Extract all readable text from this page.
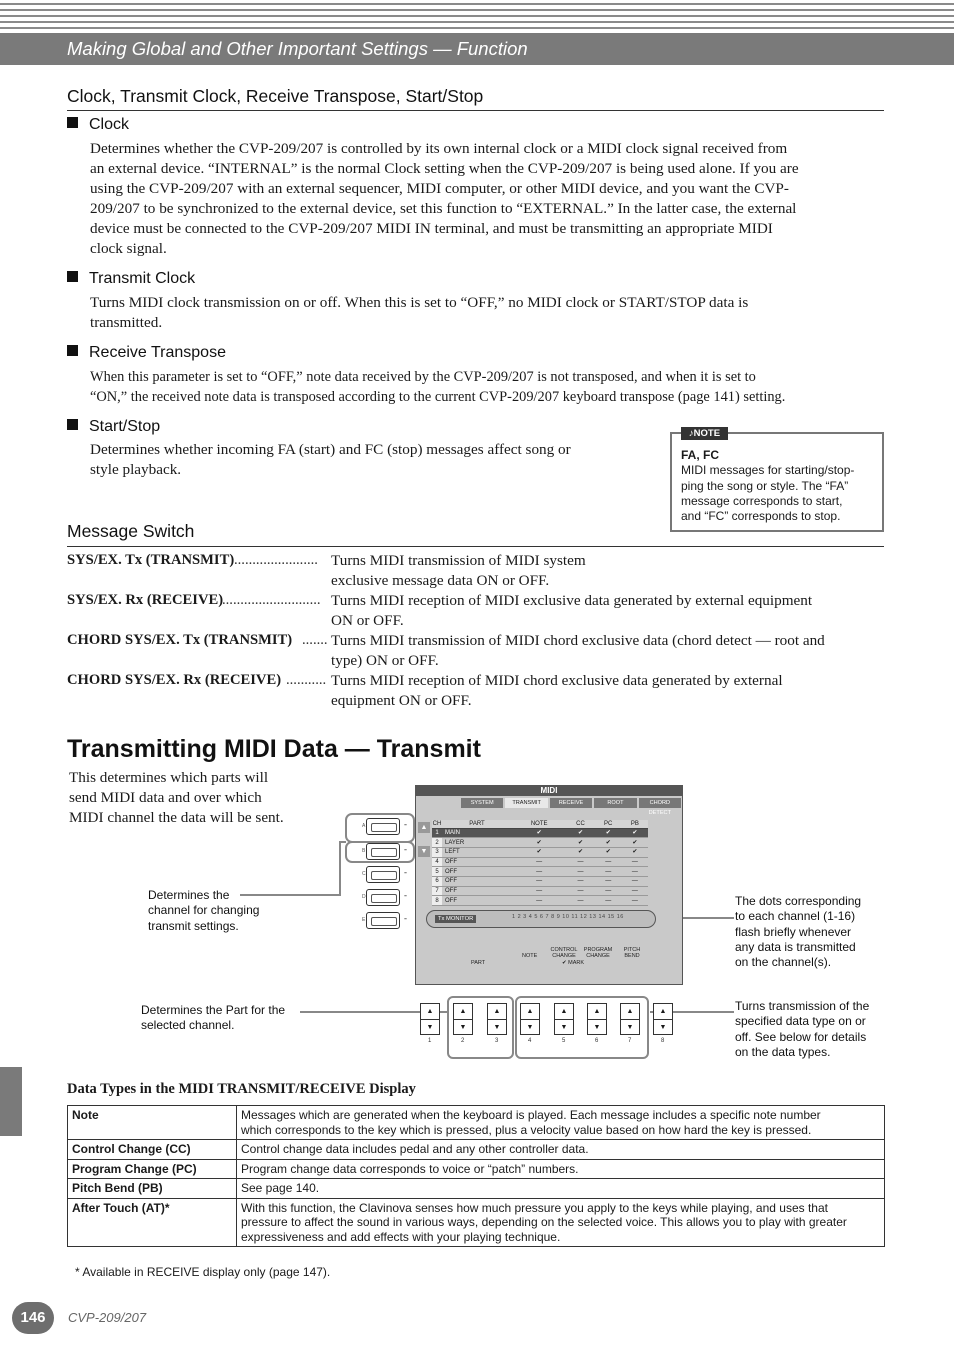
Making Global and Other Important Settings — Function
Clock, Transmit Clock, Receive Transpose, Start/Stop
Clock
Determines whether the CVP-209/207 is controlled by its own internal clock or a MIDI clock signal received from
an external device. “INTERNAL” is the normal Clock setting when the CVP-209/207 is being used alone. If you are
using the CVP-209/207 with an external sequencer, MIDI computer, or other MIDI device, and you want the CVP-
209/207 to be synchronized to the external device, set this function to “EXTERNAL.” In the latter case, the external
device must be connected to the CVP-209/207 MIDI IN terminal, and must be transmitting an appropriate MIDI
clock signal.
Transmit Clock
Turns MIDI clock transmission on or off. When this is set to “OFF,” no MIDI clock or START/STOP data is
transmitted.
Receive Transpose
When this parameter is set to “OFF,” note data received by the CVP-209/207 is not transposed, and when it is set to
“ON,” the received note data is transposed according to the current CVP-209/207 keyboard transpose (page 141) setting.
Start/Stop
Determines whether incoming FA (start) and FC (stop) messages affect song or
style playback.
FA, FC
MIDI messages for starting/stop-
ping the song or style. The “FA”
message corresponds to start,
and “FC” corresponds to stop.
♪NOTE
Message Switch
SYS/EX. Tx (TRANSMIT) ....................... Turns MIDI transmission of MIDI system
exclusive message data ON or OFF.
SYS/EX. Rx (RECEIVE)
........................... Turns MIDI reception of MIDI exclusive data generated by external equipment
ON or OFF.
CHORD SYS/EX. Tx (TRANSMIT) ....... Turns MIDI transmission of MIDI chord exclusive data (chord detect — root and
type) ON or OFF.
CHORD SYS/EX. Rx (RECEIVE) ........... Turns MIDI reception of MIDI chord exclusive data generated by external
equipment ON or OFF.
Transmitting MIDI Data — Transmit
This determines which parts will
send MIDI data and over which
MIDI channel the data will be sent.
Determines the
channel for changing
transmit settings.
Determines the Part for the
selected channel.
The dots corresponding
to each channel (1-16)
flash briefly whenever
any data is transmitted
on the channel(s).
Turns transmission of the
specified data type on or
off. See below for details
on the data types.
A
B
C
D
E
-
-
-
-
-
MIDI
SYSTEM	TRANSMIT	RECEIVE	ROOT	CHORD DETECT
CH	PART	NOTE	CC	PC	PB
1	MAIN	✔	✔	✔	✔
2	LAYER	✔	✔	✔	✔
3	LEFT	✔	✔	✔	✔
4	OFF	—	—	—	—
5	OFF	—	—	—	—
6	OFF	—	—	—	—
7	OFF	—	—	—	—
8	OFF	—	—	—	—
Tx MONITOR	1 2 3 4 5 6 7 8 9 10 11 12 13 14 15 16
PART
NOTE
CONTROL CHANGE
PROGRAM CHANGE
PITCH BEND
✔ MARK
▲
▼
▲
▼
▲
▼
▲
▼
▲
▼
▲
▼
▲
▼
▲
▼
▲
▼
1	2	3	4	5	6	7	8
Data Types in the MIDI TRANSMIT/RECEIVE Display
Note	Messages which are generated when the keyboard is played. Each message includes a specific note number
which corresponds to the key which is pressed, plus a velocity value based on how hard the key is pressed.

Control Change (CC)	Control change data includes pedal and any other controller data.

Program Change (PC)	Program change data corresponds to voice or “patch” numbers.

Pitch Bend (PB)	See page 140.

After Touch (AT)*	With this function, the Clavinova senses how much pressure you apply to the keys while playing, and uses that
pressure to affect the sound in various ways, depending on the selected voice. This allows you to play with greater
expressiveness and add effects with your playing technique.
* Available in RECEIVE display only (page 147).
146	CVP-209/207
